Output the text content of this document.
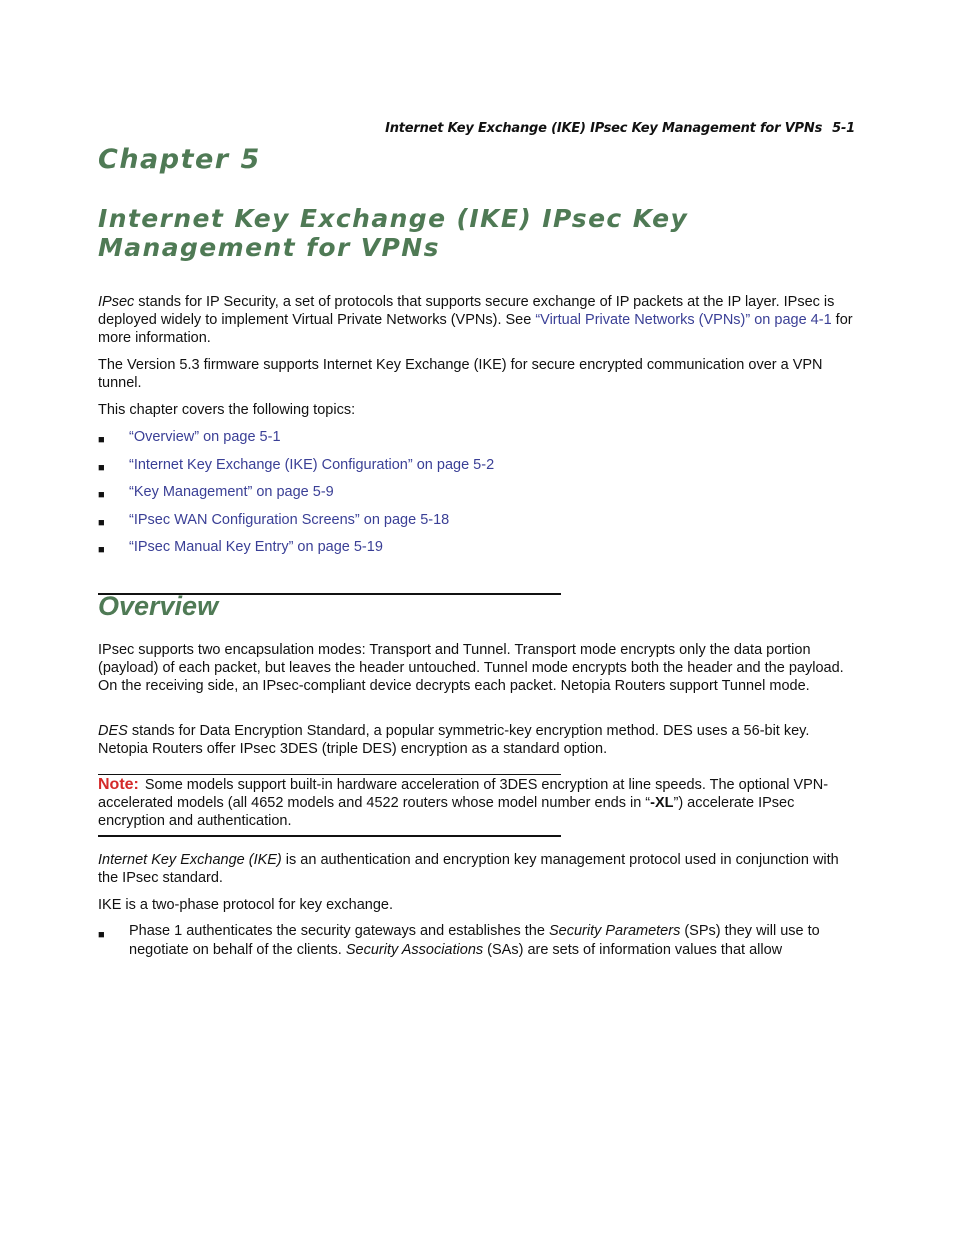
Internet Key Exchange (IKE) IPsec Key Management for VPNs 5-1
Chapter 5
Internet Key Exchange (IKE) IPsec Key Management for VPNs

IPsec stands for IP Security, a set of protocols that supports secure exchange of IP packets at the IP layer. IPsec is deployed widely to implement Virtual Private Networks (VPNs). See “Virtual Private Networks (VPNs)” on page 4-1 for more information.

The Version 5.3 firmware supports Internet Key Exchange (IKE) for secure encrypted communication over a VPN tunnel.

This chapter covers the following topics:

■ “Overview” on page 5-1
■ “Internet Key Exchange (IKE) Configuration” on page 5-2
■ “Key Management” on page 5-9
■ “IPsec WAN Configuration Screens” on page 5-18
■ “IPsec Manual Key Entry” on page 5-19
Overview

IPsec supports two encapsulation modes: Transport and Tunnel. Transport mode encrypts only the data portion (payload) of each packet, but leaves the header untouched. Tunnel mode encrypts both the header and the payload. On the receiving side, an IPsec-compliant device decrypts each packet. Netopia Routers support Tunnel mode.

DES stands for Data Encryption Standard, a popular symmetric-key encryption method. DES uses a 56-bit key. Netopia Routers offer IPsec 3DES (triple DES) encryption as a standard option.

Note: Some models support built-in hardware acceleration of 3DES encryption at line speeds. The optional VPN-accelerated models (all 4652 models and 4522 routers whose model number ends in “-XL”) accelerate IPsec encryption and authentication.

Internet Key Exchange (IKE) is an authentication and encryption key management protocol used in conjunction with the IPsec standard.

IKE is a two-phase protocol for key exchange.

■ Phase 1 authenticates the security gateways and establishes the Security Parameters (SPs) they will use to negotiate on behalf of the clients. Security Associations (SAs) are sets of information values that allow
